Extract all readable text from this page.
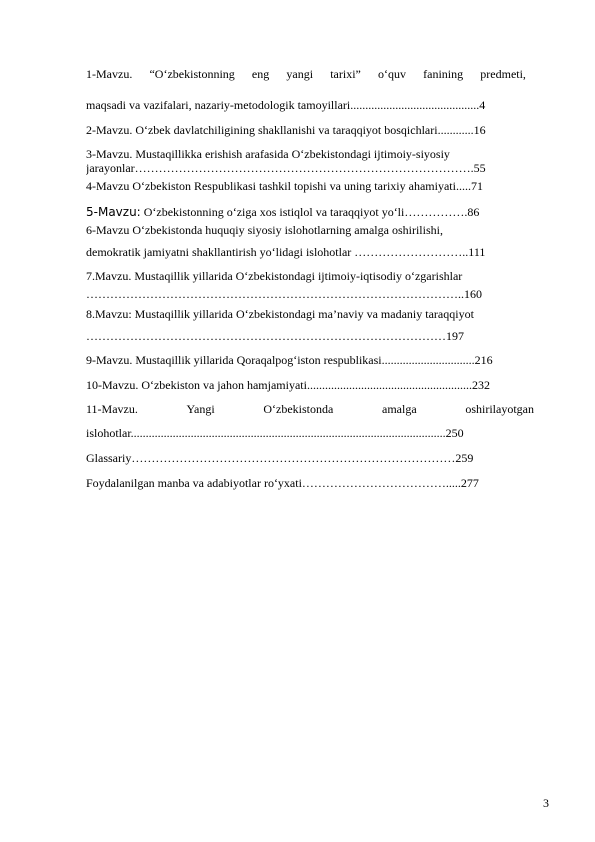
1-Mavzu. “O‘zbekistonning eng yangi tarixi” o‘quv fanining predmeti,
maqsadi va vazifalari, nazariy-metodologik tamoyillari...........................................4
2-Mavzu. O‘zbek davlatchiligining shakllanishi va taraqqiyot bosqichlari............16
3-Mavzu. Mustaqillikka erishish arafasida O‘zbekistondagi ijtimoiy-siyosiy
jarayonlar………………………………………………………………………….55
4-Mavzu O‘zbekiston Respublikasi tashkil topishi va uning tarixiy ahamiyati.....71
5-Mavzu: O‘zbekistonning o‘ziga xos istiqlol va taraqqiyot yo‘li…………….86
6-Mavzu O‘zbekistonda huquqiy siyosiy islohotlarning amalga oshirilishi,
demokratik jamiyatni shakllantirish yo‘lidagi islohotlar ………………………..111
7.Mavzu. Mustaqillik yillarida O‘zbekistondagi ijtimoiy-iqtisodiy o‘zgarishlar
…………………………………………………………………………………..160
8.Mavzu: Mustaqillik yillarida O‘zbekistondagi ma’naviy va madaniy taraqqiyot
………………………………………………………………………………197
9-Mavzu. Mustaqillik yillarida Qoraqalpog‘iston respublikasi...............................216
10-Mavzu. O‘zbekiston va jahon hamjamiyati.......................................................232
11-Mavzu.	Yangi	O‘zbekistonda	amalga	oshirilayotgan
islohotlar.........................................................................................................250
Glassariy………………………………………………………………………259
Foydalanilgan manba va adabiyotlar ro‘yxati……………………………….....277
3
